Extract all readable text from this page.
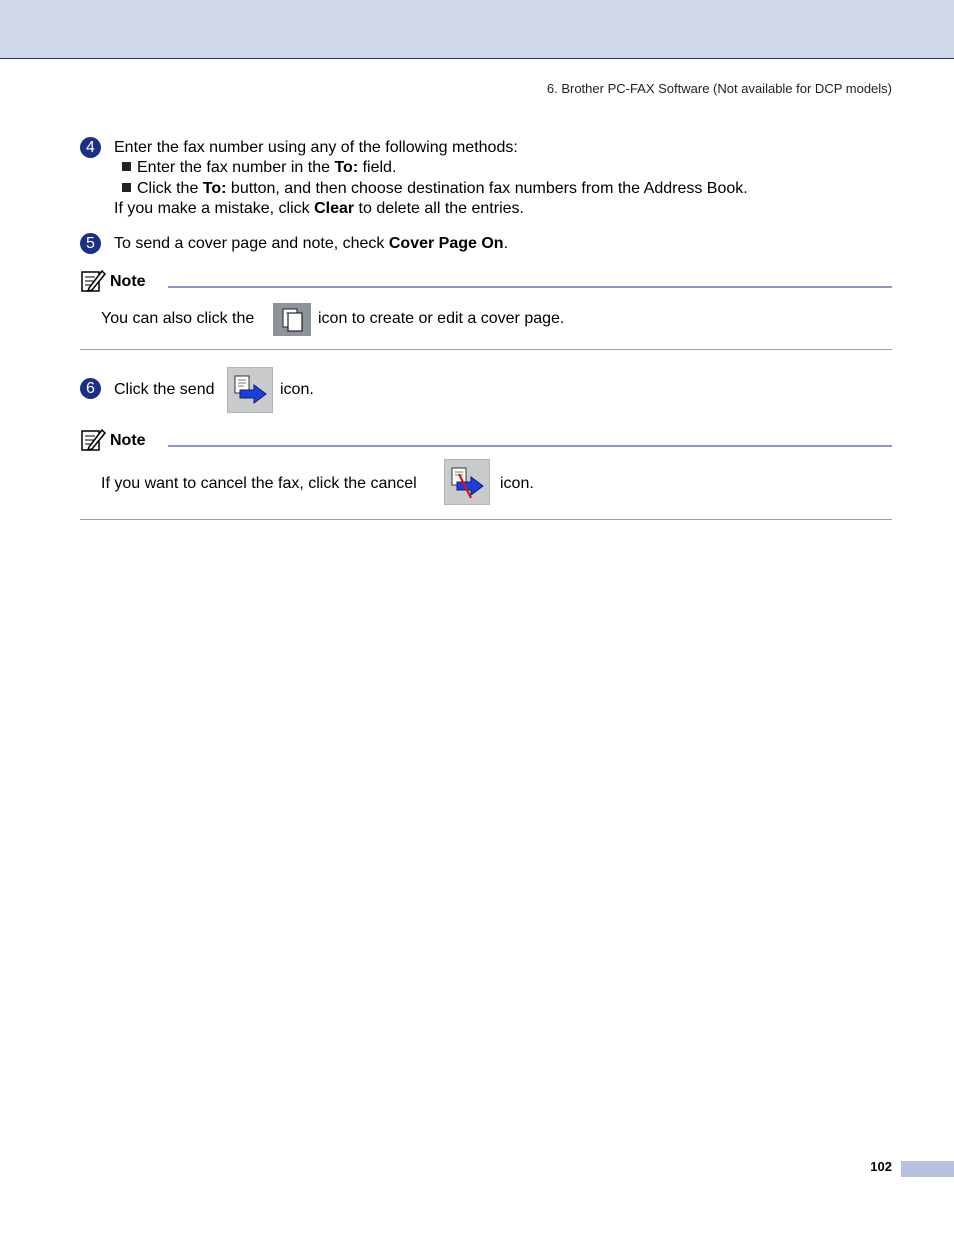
6. Brother PC-FAX Software (Not available for DCP models)
4	Enter the fax number using any of the following methods:
Enter the fax number in the To: field.
Click the To: button, and then choose destination fax numbers from the Address Book.
If you make a mistake, click Clear to delete all the entries.
5	To send a cover page and note, check Cover Page On.
Note
You can also click the	icon to create or edit a cover page.
6	Click the send	icon.
Note
If you want to cancel the fax, click the cancel	icon.
102
